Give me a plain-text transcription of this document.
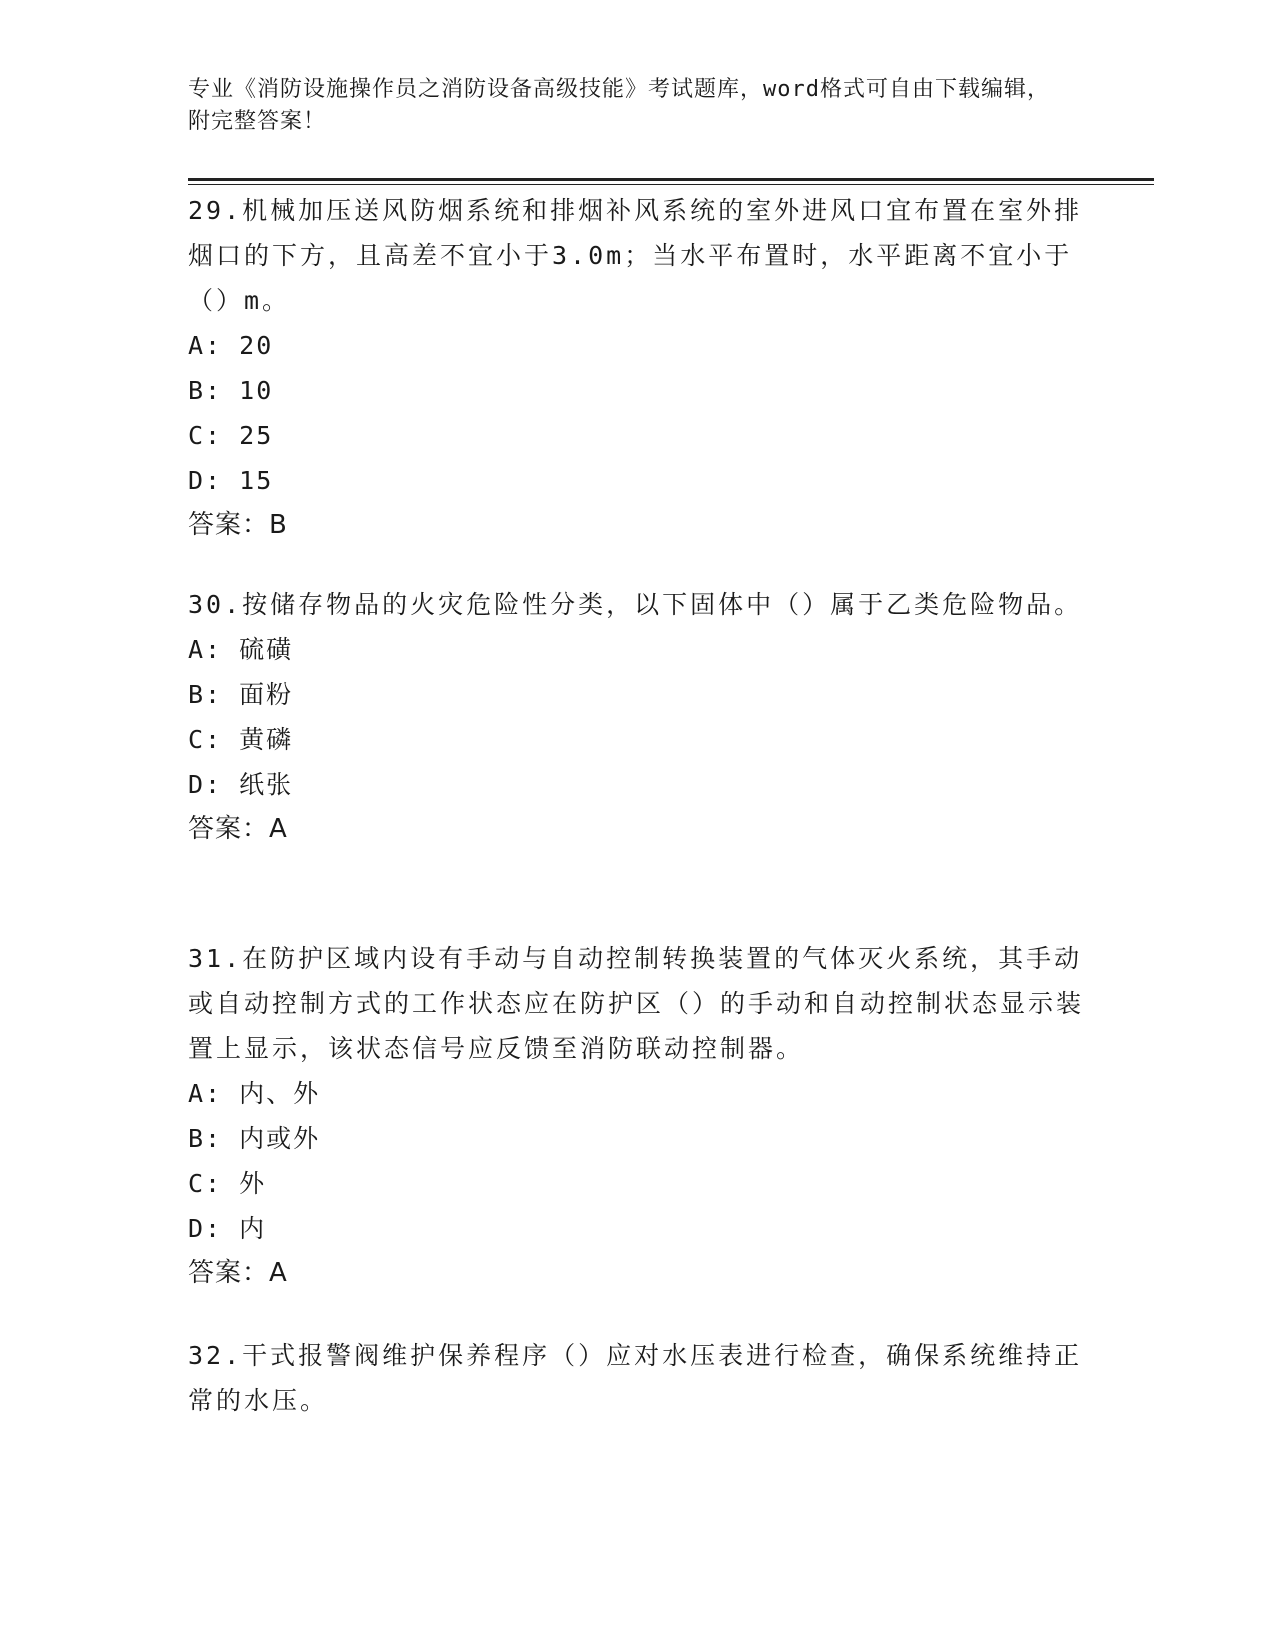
专业《消防设施操作员之消防设备高级技能》考试题库，word格式可自由下载编辑，附完整答案！
29.机械加压送风防烟系统和排烟补风系统的室外进风口宜布置在室外排烟口的下方，且高差不宜小于3.0m；当水平布置时，水平距离不宜小于（）m。
A: 20
B: 10
C: 25
D: 15
答案：B
30.按储存物品的火灾危险性分类，以下固体中（）属于乙类危险物品。
A: 硫磺
B: 面粉
C: 黄磷
D: 纸张
答案：A
31.在防护区域内设有手动与自动控制转换装置的气体灭火系统，其手动或自动控制方式的工作状态应在防护区（）的手动和自动控制状态显示装置上显示，该状态信号应反馈至消防联动控制器。
A: 内、外
B: 内或外
C: 外
D: 内
答案：A
32.干式报警阀维护保养程序（）应对水压表进行检查，确保系统维持正常的水压。
